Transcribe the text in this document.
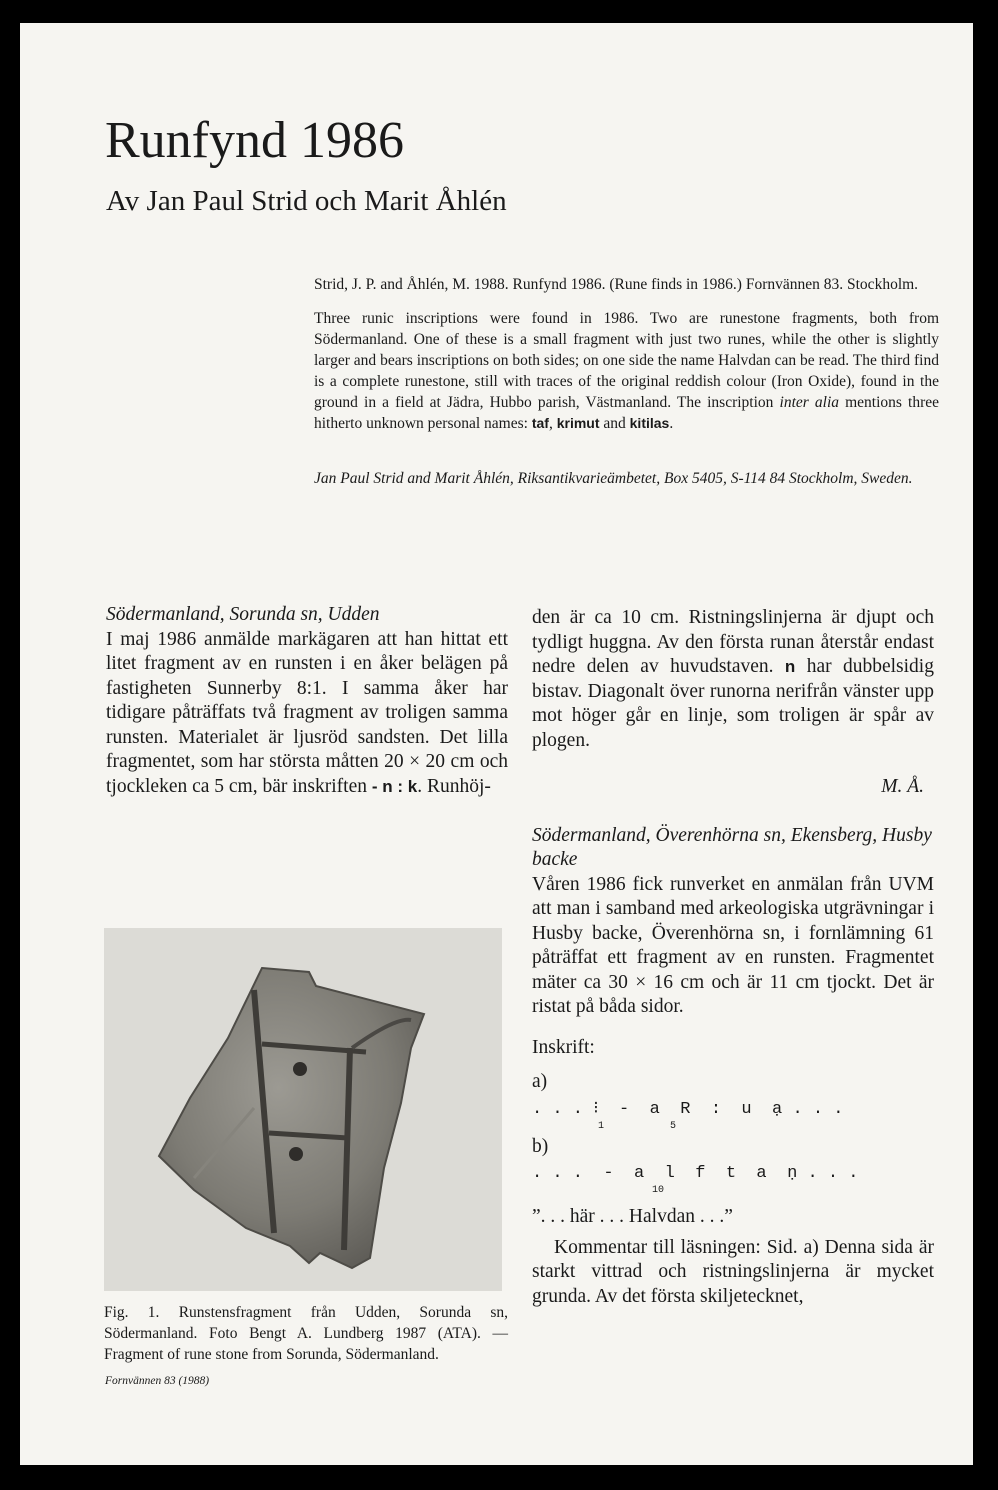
Runfynd 1986
Av Jan Paul Strid och Marit Åhlén

Strid, J. P. and Åhlén, M. 1988. Runfynd 1986. (Rune finds in 1986.) Fornvännen 83. Stockholm.

Three runic inscriptions were found in 1986. Two are runestone fragments, both from Södermanland. One of these is a small fragment with just two runes, while the other is slightly larger and bears inscriptions on both sides; on one side the name Halvdan can be read. The third find is a complete runestone, still with traces of the original reddish colour (Iron Oxide), found in the ground in a field at Jädra, Hubbo parish, Västmanland. The inscription inter alia mentions three hitherto unknown personal names: taf, krimut and kitilas.

Jan Paul Strid and Marit Åhlén, Riksantikvarieämbetet, Box 5405, S-114 84 Stockholm, Sweden.

Södermanland, Sorunda sn, Udden

I maj 1986 anmälde markägaren att han hittat ett litet fragment av en runsten i en åker belägen på fastigheten Sunnerby 8:1. I samma åker har tidigare påträffats två fragment av troligen samma runsten. Materialet är ljusröd sandsten. Det lilla fragmentet, som har största måtten 20 × 20 cm och tjockleken ca 5 cm, bär inskriften - n : k. Runhöj-

Fig. 1. Runstensfragment från Udden, Sorunda sn, Södermanland. Foto Bengt A. Lundberg 1987 (ATA). — Fragment of rune stone from Sorunda, Södermanland.

den är ca 10 cm. Ristningslinjerna är djupt och tydligt huggna. Av den första runan återstår endast nedre delen av huvudstaven. n har dubbelsidig bistav. Diagonalt över runorna nerifrån vänster upp mot höger går en linje, som troligen är spår av plogen.

M. Å.

Södermanland, Överenhörna sn, Ekensberg, Husby backe

Våren 1986 fick runverket en anmälan från UVM att man i samband med arkeologiska utgrävningar i Husby backe, Överenhörna sn, i fornlämning 61 påträffat ett fragment av en runsten. Fragmentet mäter ca 30 × 16 cm och är 11 cm tjockt. Det är ristat på båda sidor.

Inskrift:

a)

. . . ⁝  -  a  R  :  u  ạ . . .

1           5

b)

. . .  -  a  l  f  t  a  ṇ . . .

10

”. . . här . . . Halvdan . . .”

Kommentar till läsningen: Sid. a) Denna sida är starkt vittrad och ristningslinjerna är mycket grunda. Av det första skiljetecknet,

Fornvännen 83 (1988)
